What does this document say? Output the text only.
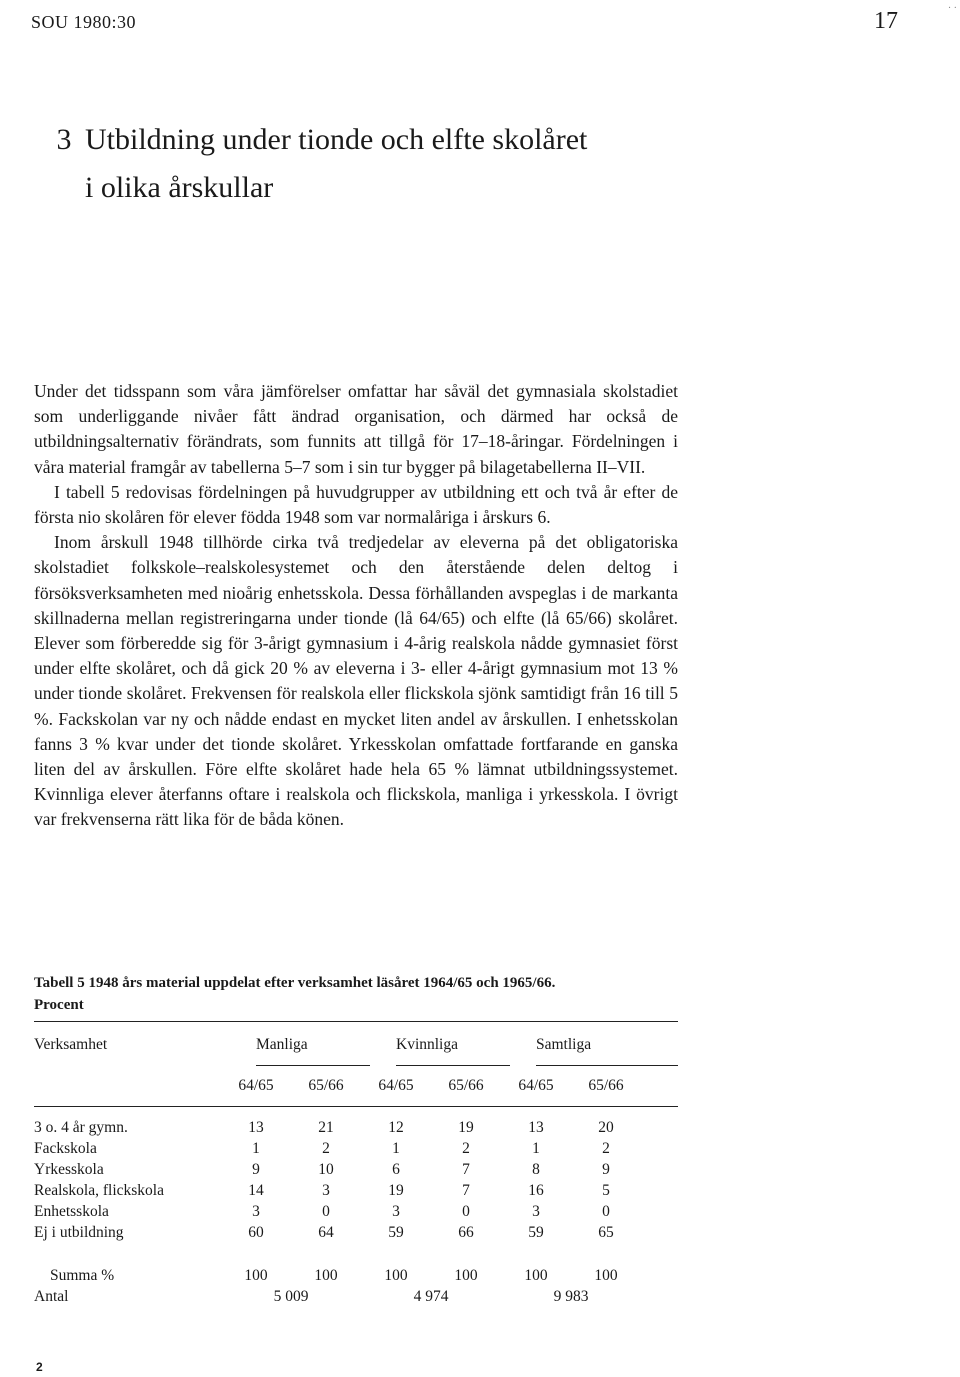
SOU 1980:30	17	· ·
3 Utbildning under tionde och elfte skolåret
i olika årskullar

Under det tidsspann som våra jämförelser omfattar har såväl det gymnasiala skolstadiet som underliggande nivåer fått ändrad organisation, och därmed har också de utbildningsalternativ förändrats, som funnits att tillgå för 17–18-åringar. Fördelningen i våra material framgår av tabellerna 5–7 som i sin tur bygger på bilagetabellerna II–VII.

I tabell 5 redovisas fördelningen på huvudgrupper av utbildning ett och två år efter de första nio skolåren för elever födda 1948 som var normalåriga i årskurs 6.

Inom årskull 1948 tillhörde cirka två tredjedelar av eleverna på det obligatoriska skolstadiet folkskole–realskolesystemet och den återstående delen deltog i försöksverksamheten med nioårig enhetsskola. Dessa förhållanden avspeglas i de markanta skillnaderna mellan registreringarna under tionde (lå 64/65) och elfte (lå 65/66) skolåret. Elever som förberedde sig för 3-årigt gymnasium i 4-årig realskola nådde gymnasiet först under elfte skolåret, och då gick 20 % av eleverna i 3- eller 4-årigt gymnasium mot 13 % under tionde skolåret. Frekvensen för realskola eller flickskola sjönk samtidigt från 16 till 5 %. Fackskolan var ny och nådde endast en mycket liten andel av årskullen. I enhetsskolan fanns 3 % kvar under det tionde skolåret. Yrkesskolan omfattade fortfarande en ganska liten del av årskullen. Före elfte skolåret hade hela 65 % lämnat utbildningssystemet. Kvinnliga elever återfanns oftare i realskola och flickskola, manliga i yrkesskola. I övrigt var frekvenserna rätt lika för de båda könen.

Tabell 5 1948 års material uppdelat efter verksamhet läsåret 1964/65 och 1965/66.
Procent
Verksamhet	Manliga	Kvinnliga	Samtliga
64/65	65/66	64/65	65/66	64/65	65/66
3 o. 4 år gymn.	13	21	12	19	13	20
Fackskola	1	2	1	2	1	2
Yrkesskola	9	10	6	7	8	9
Realskola, flickskola	14	3	19	7	16	5
Enhetsskola	3	0	3	0	3	0
Ej i utbildning	60	64	59	66	59	65
Summa %	100	100	100	100	100	100
Antal	5 009	4 974	9 983
2
